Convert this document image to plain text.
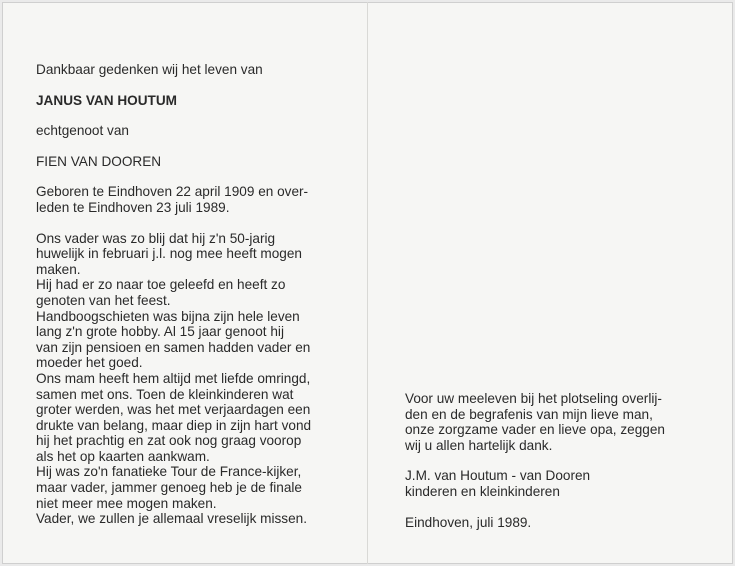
Dankbaar gedenken wij het leven van
JANUS VAN HOUTUM
echtgenoot van
FIEN VAN DOOREN
Geboren te Eindhoven 22 april 1909 en over-
leden te Eindhoven 23 juli 1989.
Ons vader was zo blij dat hij z'n 50-jarig
huwelijk in februari j.l. nog mee heeft mogen
maken.
Hij had er zo naar toe geleefd en heeft zo
genoten van het feest.
Handboogschieten was bijna zijn hele leven
lang z'n grote hobby. Al 15 jaar genoot hij
van zijn pensioen en samen hadden vader en
moeder het goed.
Ons mam heeft hem altijd met liefde omringd,
samen met ons. Toen de kleinkinderen wat
groter werden, was het met verjaardagen een
drukte van belang, maar diep in zijn hart vond
hij het prachtig en zat ook nog graag voorop
als het op kaarten aankwam.
Hij was zo'n fanatieke Tour de France-kijker,
maar vader, jammer genoeg heb je de finale
niet meer mee mogen maken.
Vader, we zullen je allemaal vreselijk missen.
Voor uw meeleven bij het plotseling overlij-
den en de begrafenis van mijn lieve man,
onze zorgzame vader en lieve opa, zeggen
wij u allen hartelijk dank.
J.M. van Houtum - van Dooren
kinderen en kleinkinderen
Eindhoven, juli 1989.
